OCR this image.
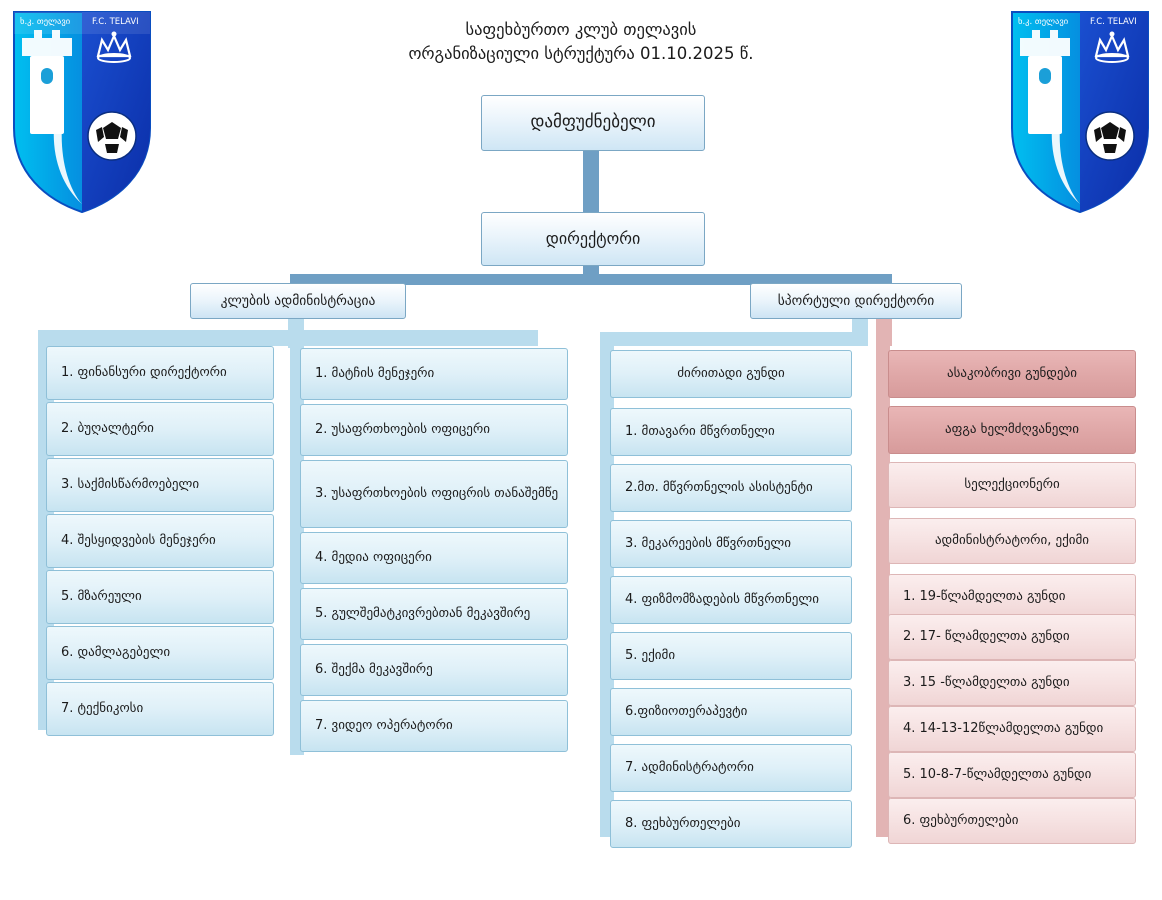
ხ.კ. თელავი	F.C. TELAVI	ხ.კ. თელავი	F.C. TELAVI
საფეხბურთო კლუბ თელავის
ორგანიზაციული სტრუქტურა 01.10.2025 წ.
დამფუძნებელი
დირექტორი
კლუბის ადმინისტრაცია	სპორტული დირექტორი
1. ფინანსური დირექტორი
2. ბუღალტერი
3. საქმისწარმოებელი
4. შესყიდვების მენეჯერი
5. მზარეული
6. დამლაგებელი
7. ტექნიკოსი
1. მატჩის მენეჯერი
2. უსაფრთხოების ოფიცერი
3. უსაფრთხოების ოფიცრის თანაშემწე
4. მედია ოფიცერი
5. გულშემატკივრებთან მეკავშირე
6. შექმა მეკავშირე
7. ვიდეო ოპერატორი
ძირითადი გუნდი
1. მთავარი მწვრთნელი
2.მთ. მწვრთნელის ასისტენტი
3. მეკარეების მწვრთნელი
4. ფიზმომზადების მწვრთნელი
5. ექიმი
6.ფიზიოთერაპევტი
7. ადმინისტრატორი
8. ფეხბურთელები
ასაკობრივი გუნდები
აფგა ხელმძღვანელი
სელექციონერი
ადმინისტრატორი, ექიმი
1. 19-წლამდელთა გუნდი
2. 17- წლამდელთა გუნდი
3. 15 -წლამდელთა გუნდი
4. 14-13-12წლამდელთა გუნდი
5. 10-8-7-წლამდელთა გუნდი
6. ფეხბურთელები
